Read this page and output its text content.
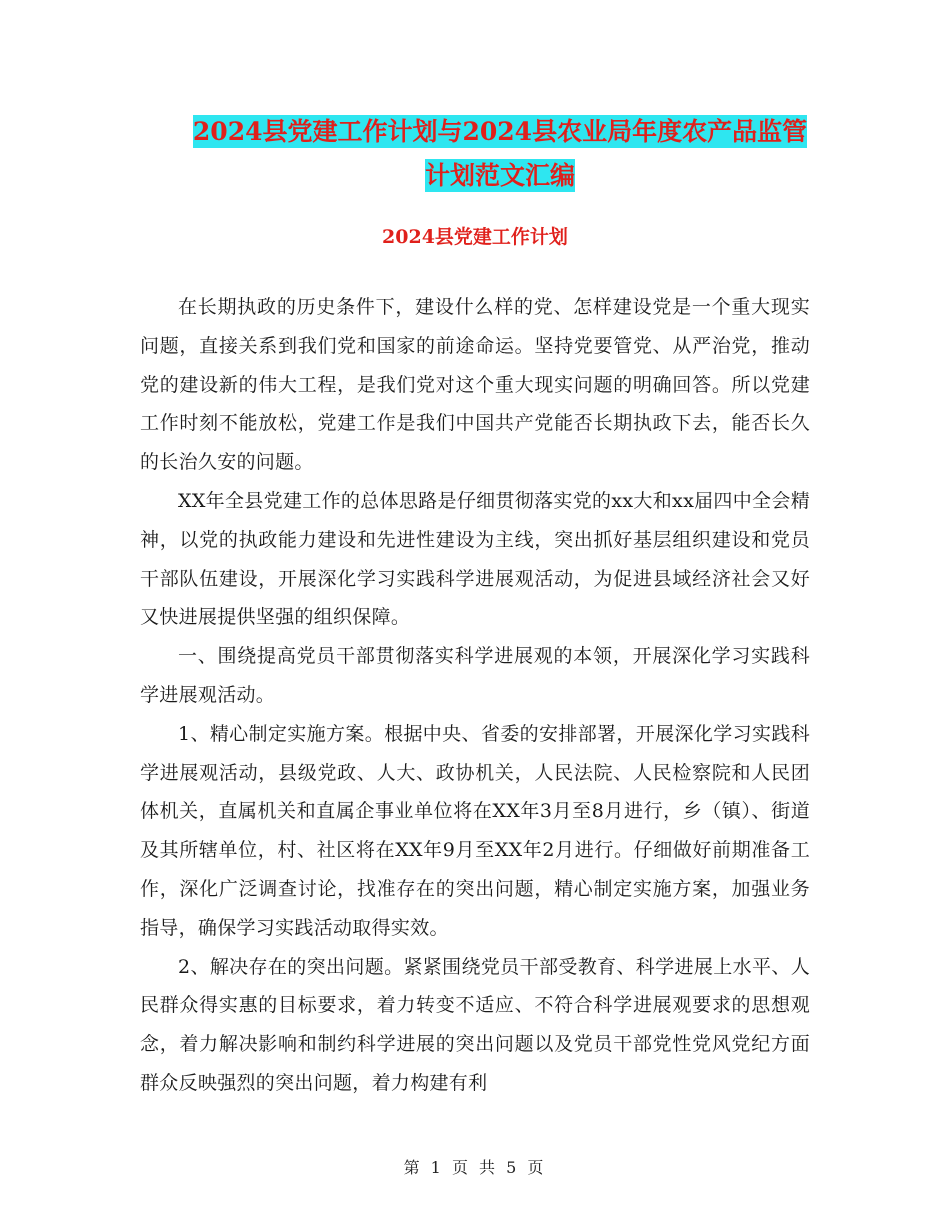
2024县党建工作计划与2024县农业局年度农产品监管
计划范文汇编
2024县党建工作计划

在长期执政的历史条件下，建设什么样的党、怎样建设党是一个重大现实问题，直接关系到我们党和国家的前途命运。坚持党要管党、从严治党，推动党的建设新的伟大工程，是我们党对这个重大现实问题的明确回答。所以党建工作时刻不能放松，党建工作是我们中国共产党能否长期执政下去，能否长久的长治久安的问题。

XX年全县党建工作的总体思路是仔细贯彻落实党的xx大和xx届四中全会精神，以党的执政能力建设和先进性建设为主线，突出抓好基层组织建设和党员干部队伍建设，开展深化学习实践科学进展观活动，为促进县域经济社会又好又快进展提供坚强的组织保障。

一、围绕提高党员干部贯彻落实科学进展观的本领，开展深化学习实践科学进展观活动。

1、精心制定实施方案。根据中央、省委的安排部署，开展深化学习实践科学进展观活动，县级党政、人大、政协机关，人民法院、人民检察院和人民团体机关，直属机关和直属企事业单位将在XX年3月至8月进行，乡（镇）、街道及其所辖单位，村、社区将在XX年9月至XX年2月进行。仔细做好前期准备工作，深化广泛调查讨论，找准存在的突出问题，精心制定实施方案，加强业务指导，确保学习实践活动取得实效。

2、解决存在的突出问题。紧紧围绕党员干部受教育、科学进展上水平、人民群众得实惠的目标要求，着力转变不适应、不符合科学进展观要求的思想观念，着力解决影响和制约科学进展的突出问题以及党员干部党性党风党纪方面群众反映强烈的突出问题，着力构建有利

第 1 页 共 5 页
